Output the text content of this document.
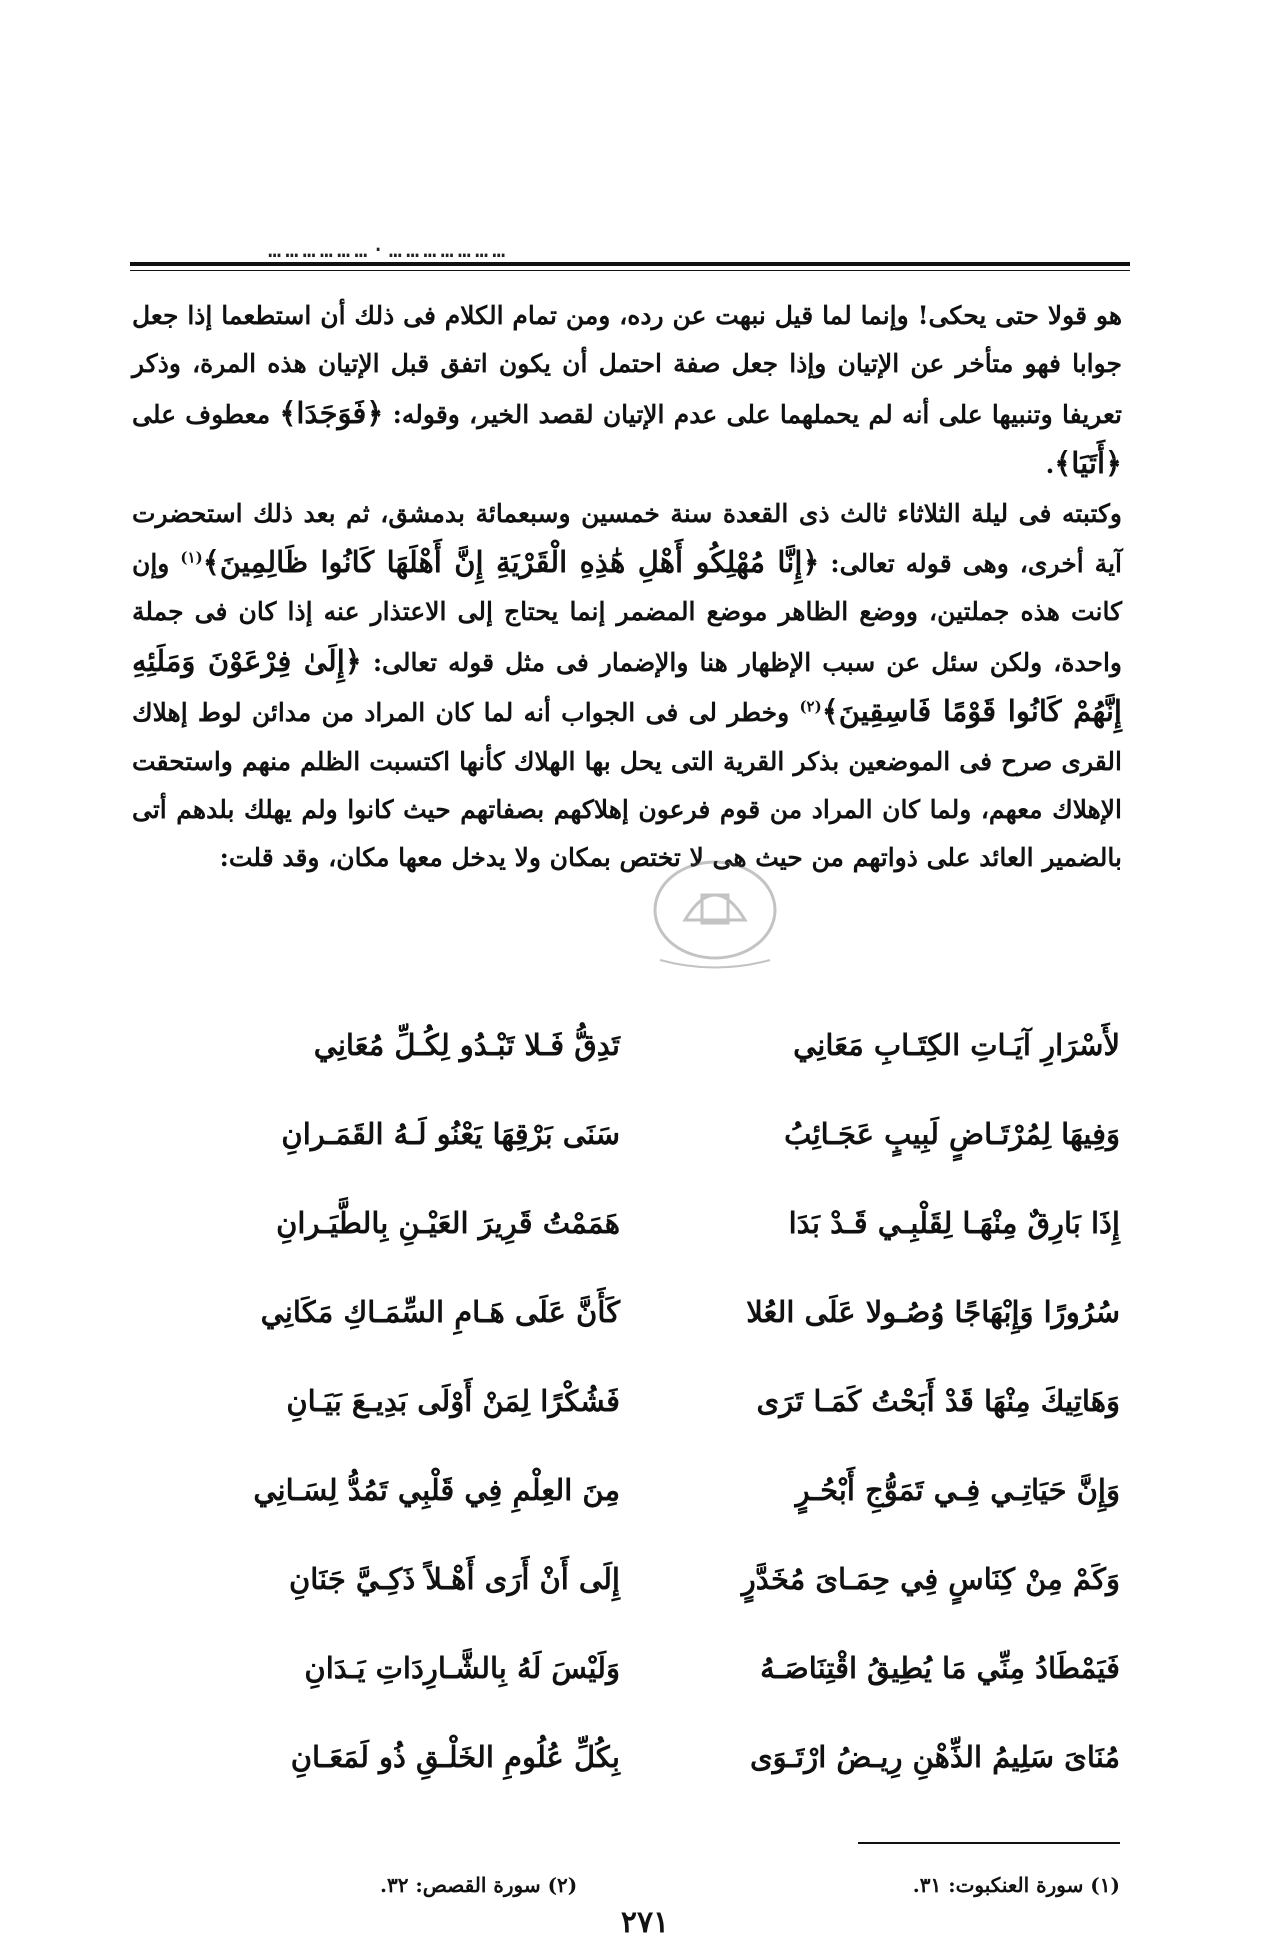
………………·…………………

هو قولا حتى يحكى! وإنما لما قيل نبهت عن رده، ومن تمام الكلام فى ذلك أن استطعما إذا جعل جوابا فهو متأخر عن الإتيان وإذا جعل صفة احتمل أن يكون اتفق قبل الإتيان هذه المرة، وذكر تعريفا وتنبيها على أنه لم يحملهما على عدم الإتيان لقصد الخير، وقوله: ﴿فَوَجَدَا﴾ معطوف على ﴿أَتَيَا﴾.

وكتبته فى ليلة الثلاثاء ثالث ذى القعدة سنة خمسين وسبعمائة بدمشق، ثم بعد ذلك استحضرت آية أخرى، وهى قوله تعالى: ﴿إِنَّا مُهْلِكُو أَهْلِ هَٰذِهِ الْقَرْيَةِ إِنَّ أَهْلَهَا كَانُوا ظَالِمِينَ﴾$^{(١)}$ وإن كانت هذه جملتين، ووضع الظاهر موضع المضمر إنما يحتاج إلى الاعتذار عنه إذا كان فى جملة واحدة، ولكن سئل عن سبب الإظهار هنا والإضمار فى مثل قوله تعالى: ﴿إِلَىٰ فِرْعَوْنَ وَمَلَئِهِ إِنَّهُمْ كَانُوا قَوْمًا فَاسِقِينَ﴾$^{(٢)}$ وخطر لى فى الجواب أنه لما كان المراد من مدائن لوط إهلاك القرى صرح فى الموضعين بذكر القرية التى يحل بها الهلاك كأنها اكتسبت الظلم منهم واستحقت الإهلاك معهم، ولما كان المراد من قوم فرعون إهلاكهم بصفاتهم حيث كانوا ولم يهلك بلدهم أتى بالضمير العائد على ذواتهم من حيث هى لا تختص بمكان ولا يدخل معها مكان، وقد قلت:

لأَسْرَارِ آيَـاتِ الكِتَـابِ مَعَانِي
تَدِقُّ فَـلا تَبْـدُو لِكُـلِّ مُعَانِي
وَفِيهَا لِمُرْتَـاضٍ لَبِيبٍ عَجَـائِبُ
سَنَى بَرْقِهَا يَعْنُو لَـهُ القَمَـرانِ
إِذَا بَارِقٌ مِنْهَـا لِقَلْبِـي قَـدْ بَدَا
هَمَمْتُ قَرِيرَ العَيْـنِ بِالطَّيَـرانِ
سُرُورًا وَإِبْهَاجًا وُصُـولا عَلَى العُلا
كَأَنَّ عَلَى هَـامِ السِّمَـاكِ مَكَانِي
وَهَاتِيكَ مِنْهَا قَدْ أَبَحْتُ كَمَـا تَرَى
فَشُكْرًا لِمَنْ أَوْلَى بَدِيـعَ بَيَـانِ
وَإِنَّ حَيَاتِـي فِـي تَمَوُّجِ أَبْحُـرٍ
مِنَ العِلْمِ فِي قَلْبِي تَمُدُّ لِسَـانِي
وَكَمْ مِنْ كِنَاسٍ فِي حِمَـاىَ مُخَدَّرٍ
إِلَى أَنْ أَرَى أَهْـلاً ذَكِـيَّ جَنَانِ
فَيَمْطَادُ مِنِّي مَا يُطِيقُ اقْتِنَاصَـهُ
وَلَيْسَ لَهُ بِالشَّـارِدَاتِ يَـدَانِ
مُنَاىَ سَلِيمُ الذِّهْنِ رِيـضُ ارْتَـوَى
بِكُلِّ عُلُومِ الخَلْـقِ ذُو لَمَعَـانِ
(١) سورة العنكبوت: ٣١.
(٢) سورة القصص: ٣٢.
٢٧١
